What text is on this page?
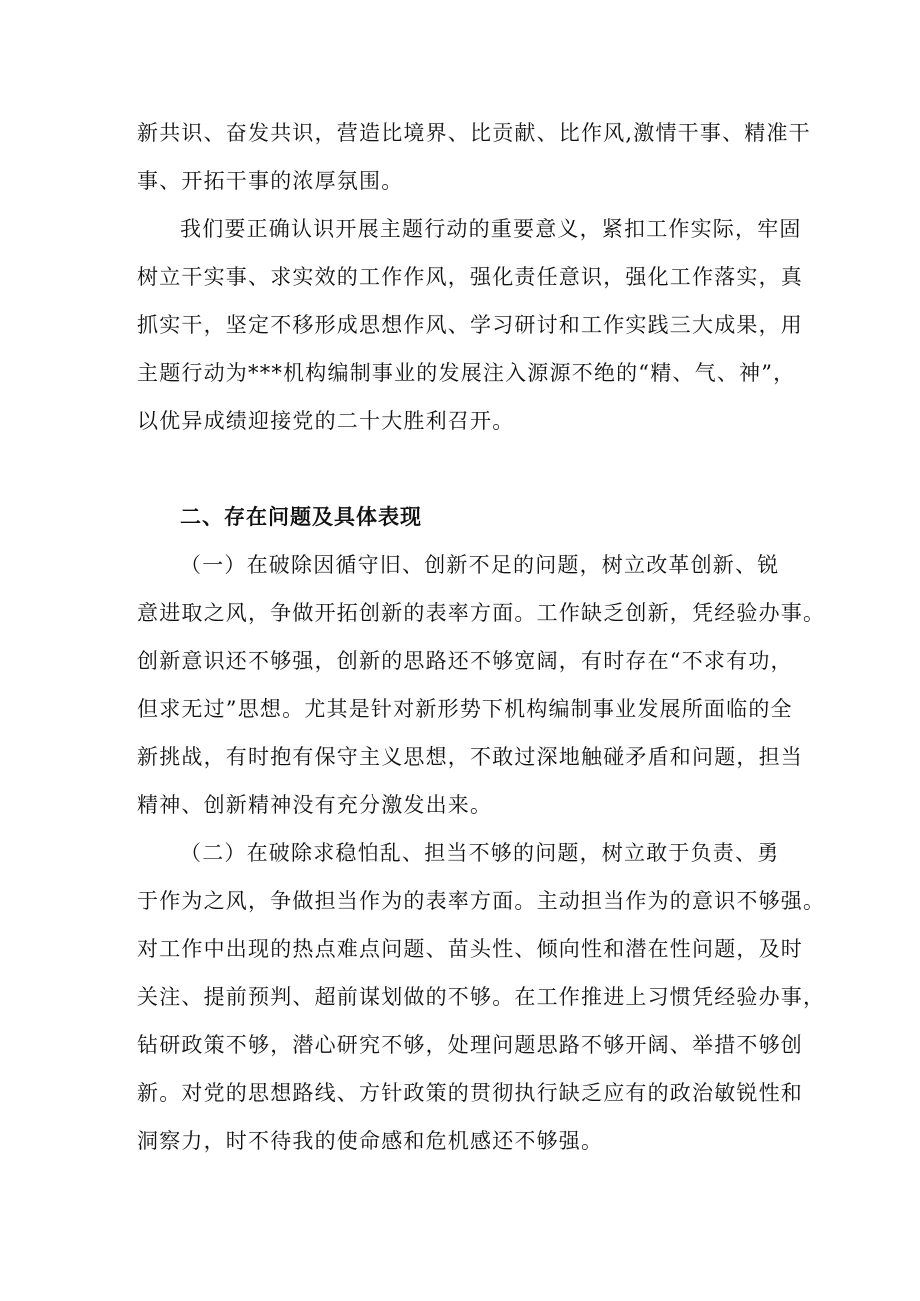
新共识、奋发共识，营造比境界、比贡献、比作风,激情干事、精准干
事、开拓干事的浓厚氛围。
我们要正确认识开展主题行动的重要意义，紧扣工作实际，牢固
树立干实事、求实效的工作作风，强化责任意识，强化工作落实，真
抓实干，坚定不移形成思想作风、学习研讨和工作实践三大成果，用
主题行动为***机构编制事业的发展注入源源不绝的“精、气、神”，
以优异成绩迎接党的二十大胜利召开。
二、存在问题及具体表现
（一）在破除因循守旧、创新不足的问题，树立改革创新、锐
意进取之风，争做开拓创新的表率方面。工作缺乏创新，凭经验办事。
创新意识还不够强，创新的思路还不够宽阔，有时存在“不求有功，
但求无过”思想。尤其是针对新形势下机构编制事业发展所面临的全
新挑战，有时抱有保守主义思想，不敢过深地触碰矛盾和问题，担当
精神、创新精神没有充分激发出来。
（二）在破除求稳怕乱、担当不够的问题，树立敢于负责、勇
于作为之风，争做担当作为的表率方面。主动担当作为的意识不够强。
对工作中出现的热点难点问题、苗头性、倾向性和潜在性问题，及时
关注、提前预判、超前谋划做的不够。在工作推进上习惯凭经验办事，
钻研政策不够，潜心研究不够，处理问题思路不够开阔、举措不够创
新。对党的思想路线、方针政策的贯彻执行缺乏应有的政治敏锐性和
洞察力，时不待我的使命感和危机感还不够强。
